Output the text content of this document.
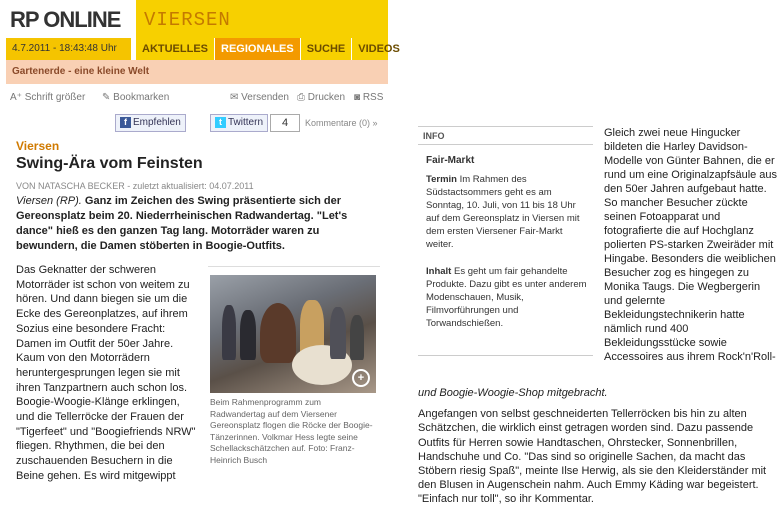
RP ONLINE VIERSEN
4.7.2011 - 18:43:48 Uhr	AKTUELLES	REGIONALES	SUCHE	VIDEOS
Gartenerde - eine kleine Welt
A⁺ Schrift größer ✎ Bookmarken	✉ Versenden ⎙ Drucken ◙ RSS
f Empfehlen	t Twittern	4	Kommentare (0) »
Viersen
Swing-Ära vom Feinsten
VON NATASCHA BECKER - zuletzt aktualisiert: 04.07.2011
Viersen (RP). Ganz im Zeichen des Swing präsentierte sich der Gereonsplatz beim 20. Niederrheinischen Radwandertag. "Let's dance" hieß es den ganzen Tag lang. Motorräder waren zu bewundern, die Damen stöberten in Boogie-Outfits.
Das Geknatter der schweren Motorräder ist schon von weitem zu hören. Und dann biegen sie um die Ecke des Gereonplatzes, auf ihrem Sozius eine besondere Fracht: Damen im Outfit der 50er Jahre. Kaum von den Motorrädern heruntergesprungen legen sie mit ihren Tanzpartnern auch schon los. Boogie-Woogie-Klänge erklingen, und die Tellerröcke der Frauen der "Tigerfeet" und "Boogiefriends NRW" fliegen. Rhythmen, die bei den zuschauenden Besuchern in die Beine gehen. Es wird mitgewippt
+
Beim Rahmenprogramm zum Radwandertag auf dem Viersener Gereonsplatz flogen die Röcke der Boogie-Tänzerinnen. Volkmar Hess legte seine Schellackschätzchen auf. Foto: Franz-Heinrich Busch
INFO
Fair-Markt
Termin Im Rahmen des Südstactsommers geht es am Sonntag, 10. Juli, von 11 bis 18 Uhr auf dem Gereonsplatz in Viersen mit dem ersten Viersener Fair-Markt weiter.
Inhalt Es geht um fair gehandelte Produkte. Dazu gibt es unter anderem Modenschauen, Musik, Filmvorführungen und Torwandschießen.
Gleich zwei neue Hingucker bildeten die Harley Davidson-Modelle von Günter Bahnen, die er rund um eine Originalzapfsäule aus den 50er Jahren aufgebaut hatte. So mancher Besucher zückte seinen Fotoapparat und fotografierte die auf Hochglanz polierten PS-starken Zweiräder mit Hingabe. Besonders die weiblichen Besucher zog es hingegen zu Monika Taugs. Die Wegbergerin und gelernte Bekleidungstechnikerin hatte nämlich rund 400 Bekleidungsstücke sowie Accessoires aus ihrem Rock'n'Roll-
und Boogie-Woogie-Shop mitgebracht.
Angefangen von selbst geschneiderten Tellerröcken bis hin zu alten Schätzchen, die wirklich einst getragen worden sind. Dazu passende Outfits für Herren sowie Handtaschen, Ohrstecker, Sonnenbrillen, Handschuhe und Co. "Das sind so originelle Sachen, da macht das Stöbern riesig Spaß", meinte Ilse Herwig, als sie den Kleiderständer mit den Blusen in Augenschein nahm. Auch Emmy Käding war begeistert. "Einfach nur toll", so ihr Kommentar.
